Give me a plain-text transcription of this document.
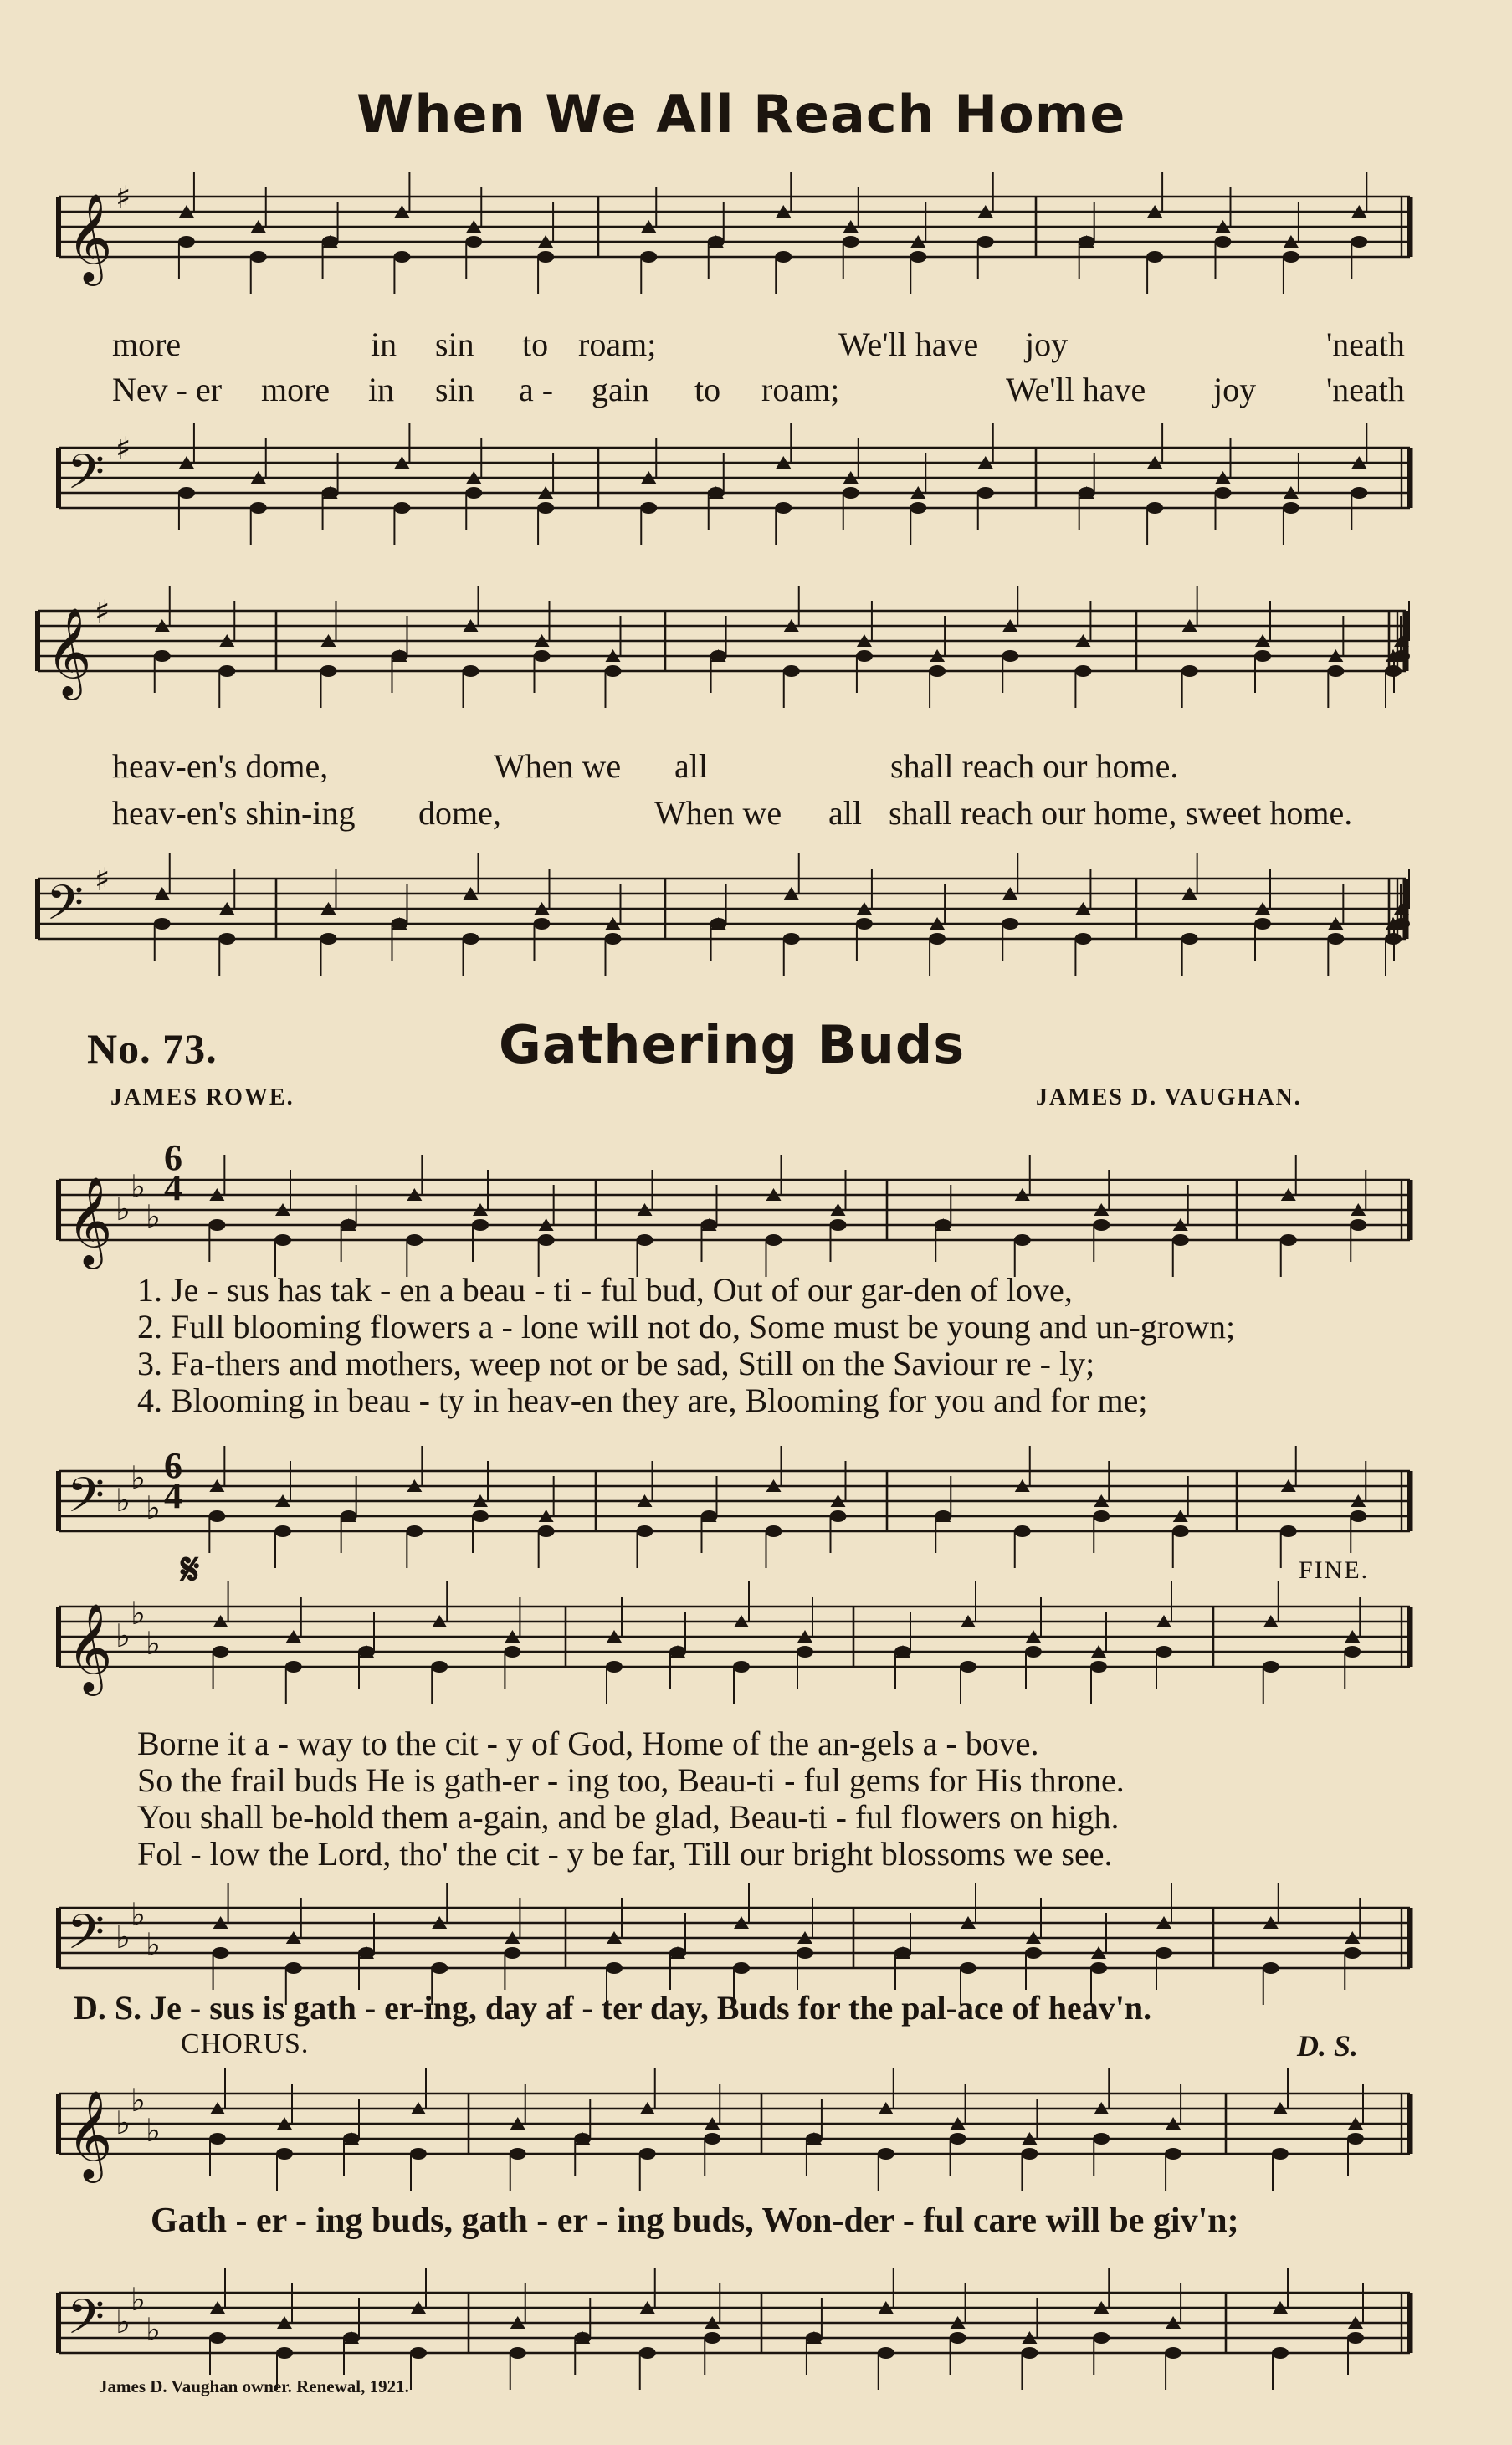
When We All Reach Home
𝄞 ♯
𝄢 ♯
more	in sin to roam;	We'll have joy	'neath
Nev - er more in sin a - gain to roam;	We'll have joy 'neath
𝄞 ♯
𝄢 ♯
heav-en's dome,	When we all	shall reach our home.
heav-en's shin-ing dome,	When we all shall reach our home, sweet home.
No. 73.	Gathering Buds
JAMES ROWE.	JAMES D. VAUGHAN.
𝄞 ♭
♭
♭
6
4
1. Je - sus has tak - en a beau - ti - ful bud, Out of our gar-den of love,
2. Full blooming flowers a - lone will not do, Some must be young and un-grown;
3. Fa-thers and mothers, weep not or be sad, Still on the Saviour re - ly;
4. Blooming in beau - ty in heav-en they are, Blooming for you and for me;
𝄢 ♭
♭
♭
6
4
𝄋	FINE.
𝄞 ♭
♭
♭
Borne it a - way to the cit - y of God, Home of the an-gels a - bove.
So the frail buds He is gath-er - ing too, Beau-ti - ful gems for His throne.
You shall be-hold them a-gain, and be glad, Beau-ti - ful flowers on high.
Fol - low the Lord, tho' the cit - y be far, Till our bright blossoms we see.
𝄢 ♭
♭
♭
D. S. Je - sus is gath - er-ing, day af - ter day, Buds for the pal-ace of heav'n.
CHORUS.	D. S.
𝄞 ♭
♭
♭
Gath - er - ing buds, gath - er - ing buds, Won-der - ful care will be giv'n;
𝄢 ♭
♭
♭
James D. Vaughan owner. Renewal, 1921.
